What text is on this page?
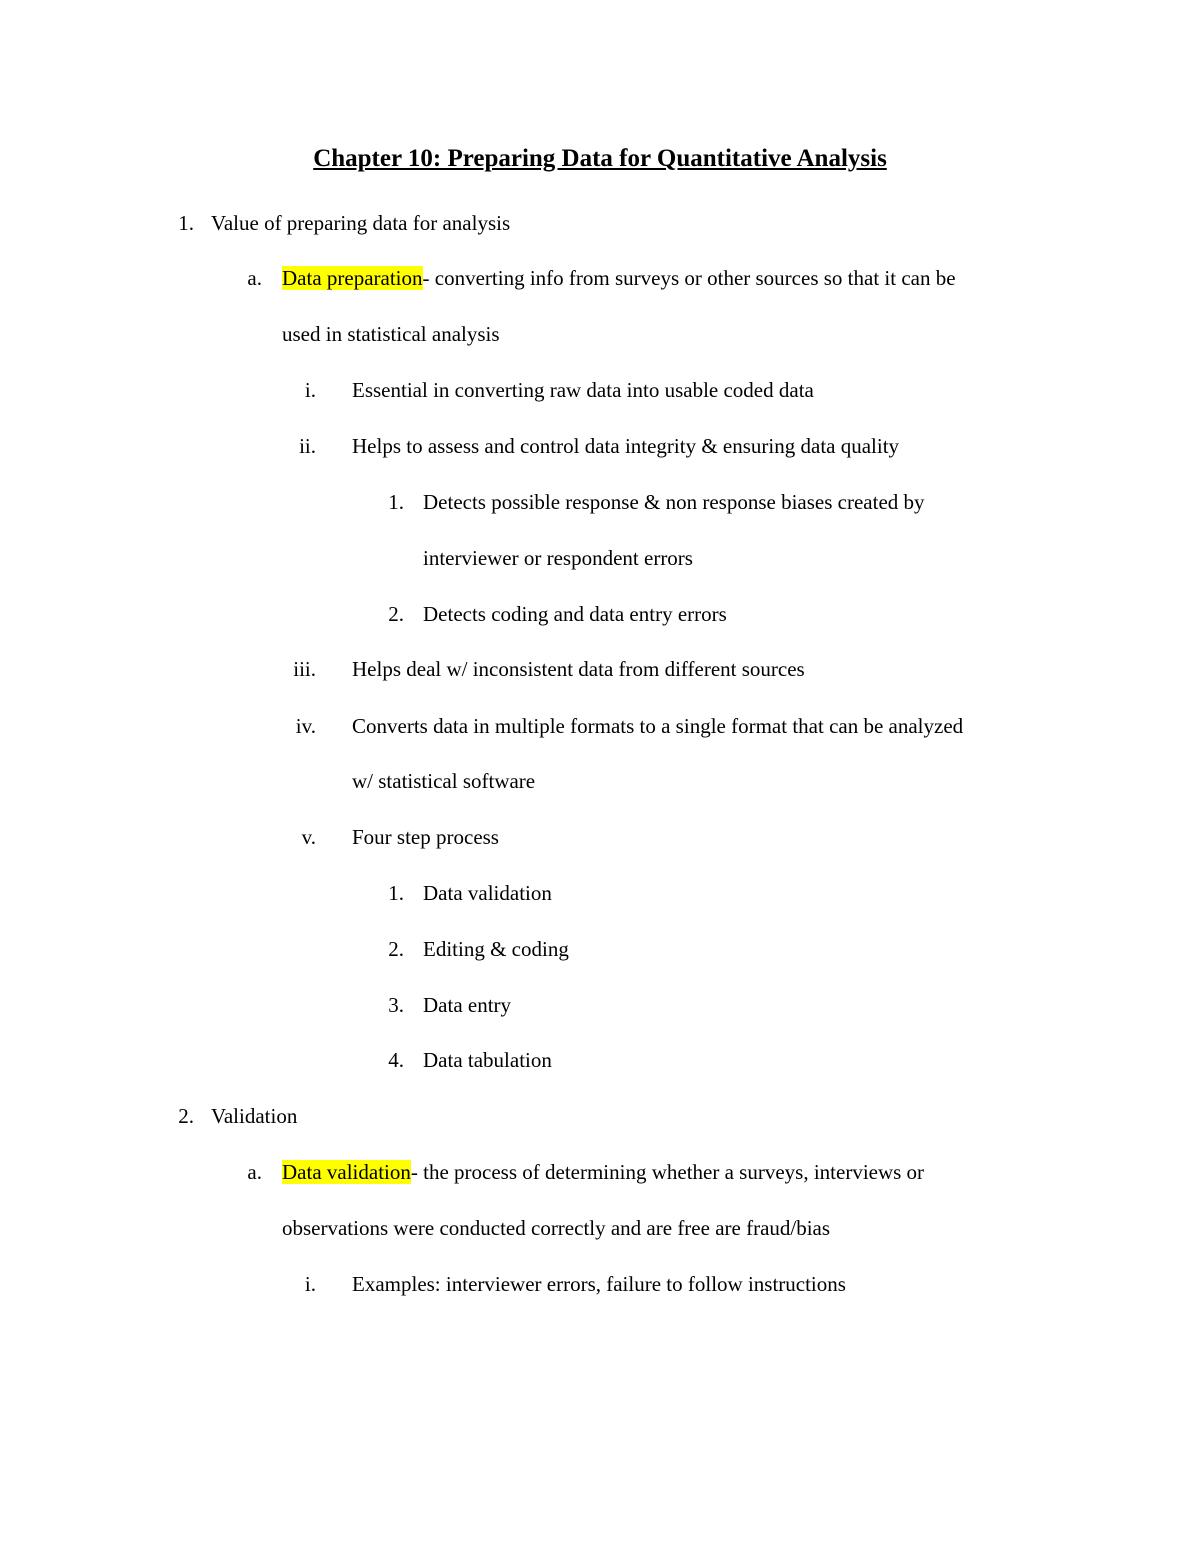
Chapter 10: Preparing Data for Quantitative Analysis
1. Value of preparing data for analysis
a. Data preparation- converting info from surveys or other sources so that it can be
used in statistical analysis
i. Essential in converting raw data into usable coded data
ii. Helps to assess and control data integrity & ensuring data quality
1. Detects possible response & non response biases created by
interviewer or respondent errors
2. Detects coding and data entry errors
iii. Helps deal w/ inconsistent data from different sources
iv. Converts data in multiple formats to a single format that can be analyzed
w/ statistical software
v. Four step process
1. Data validation
2. Editing & coding
3. Data entry
4. Data tabulation
2. Validation
a. Data validation- the process of determining whether a surveys, interviews or
observations were conducted correctly and are free are fraud/bias
i. Examples: interviewer errors, failure to follow instructions
